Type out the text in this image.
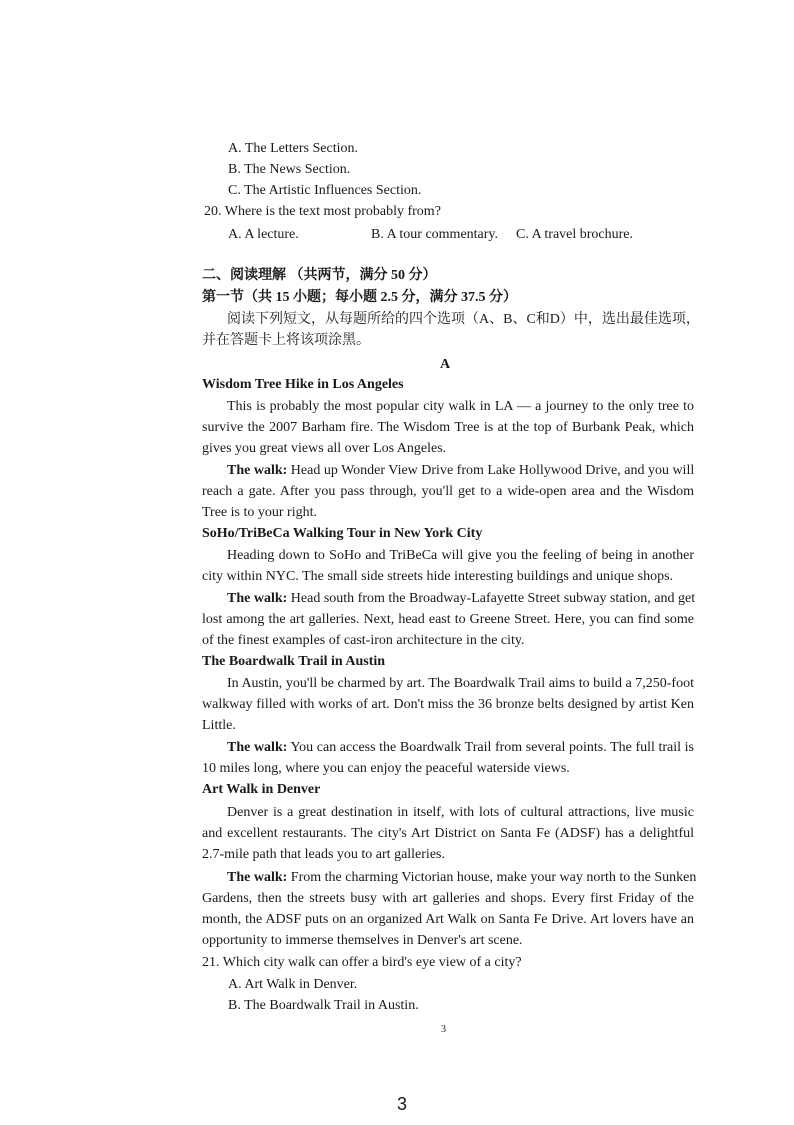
A. The Letters Section.
B. The News Section.
C. The Artistic Influences Section.
20. Where is the text most probably from?
A. A lecture.	B. A tour commentary. C. A travel brochure.
二、阅读理解 （共两节，满分 50 分）
第一节（共 15 小题；每小题 2.5 分，满分 37.5 分）
阅读下列短文，从每题所给的四个选项（A、B、C和D）中，选出最佳选项，
并在答题卡上将该项涂黑。
A
Wisdom Tree Hike in Los Angeles
This is probably the most popular city walk in LA — a journey to the only tree to
survive the 2007 Barham fire. The Wisdom Tree is at the top of Burbank Peak, which
gives you great views all over Los Angeles.
The walk: Head up Wonder View Drive from Lake Hollywood Drive, and you will
reach a gate. After you pass through, you'll get to a wide-open area and the Wisdom
Tree is to your right.
SoHo/TriBeCa Walking Tour in New York City
Heading down to SoHo and TriBeCa will give you the feeling of being in another
city within NYC. The small side streets hide interesting buildings and unique shops.
The walk: Head south from the Broadway-Lafayette Street subway station, and get
lost among the art galleries. Next, head east to Greene Street. Here, you can find some
of the finest examples of cast-iron architecture in the city.
The Boardwalk Trail in Austin
In Austin, you'll be charmed by art. The Boardwalk Trail aims to build a 7,250-foot
walkway filled with works of art. Don't miss the 36 bronze belts designed by artist Ken
Little.
The walk: You can access the Boardwalk Trail from several points. The full trail is
10 miles long, where you can enjoy the peaceful waterside views.
Art Walk in Denver
Denver is a great destination in itself, with lots of cultural attractions, live music
and excellent restaurants. The city's Art District on Santa Fe (ADSF) has a delightful
2.7-mile path that leads you to art galleries.
The walk: From the charming Victorian house, make your way north to the Sunken
Gardens, then the streets busy with art galleries and shops. Every first Friday of the
month, the ADSF puts on an organized Art Walk on Santa Fe Drive. Art lovers have an
opportunity to immerse themselves in Denver's art scene.
21. Which city walk can offer a bird's eye view of a city?
A. Art Walk in Denver.
B. The Boardwalk Trail in Austin.
3
3
